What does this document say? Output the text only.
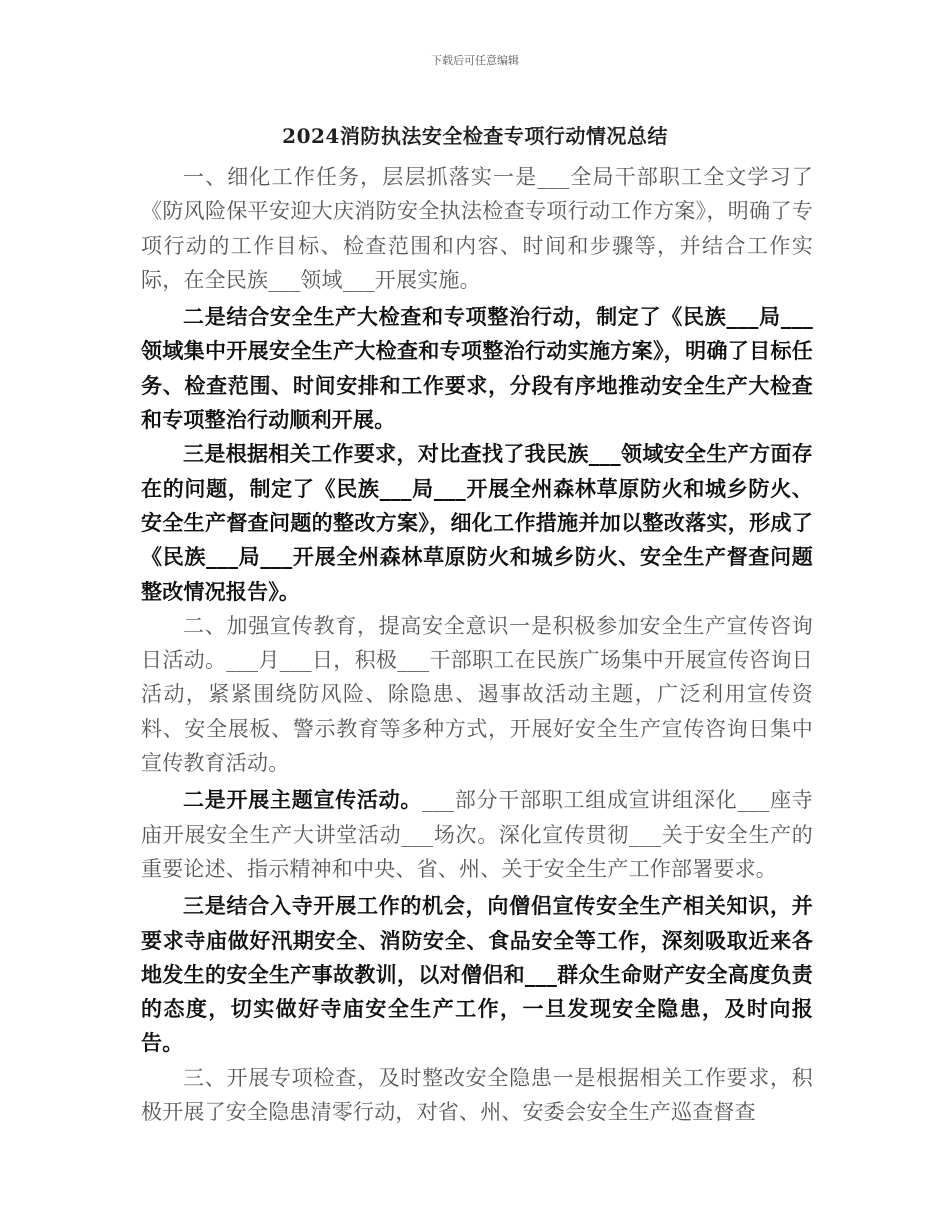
下载后可任意编辑
2024消防执法安全检查专项行动情况总结

一、细化工作任务，层层抓落实一是___全局干部职工全文学习了《防风险保平安迎大庆消防安全执法检查专项行动工作方案》，明确了专项行动的工作目标、检查范围和内容、时间和步骤等，并结合工作实际，在全民族___领域___开展实施。

二是结合安全生产大检查和专项整治行动，制定了《民族___局___领域集中开展安全生产大检查和专项整治行动实施方案》，明确了目标任务、检查范围、时间安排和工作要求，分段有序地推动安全生产大检查和专项整治行动顺利开展。

三是根据相关工作要求，对比查找了我民族___领域安全生产方面存在的问题，制定了《民族___局___开展全州森林草原防火和城乡防火、安全生产督查问题的整改方案》，细化工作措施并加以整改落实，形成了《民族___局___开展全州森林草原防火和城乡防火、安全生产督查问题整改情况报告》。

二、加强宣传教育，提高安全意识一是积极参加安全生产宣传咨询日活动。___月___日，积极___干部职工在民族广场集中开展宣传咨询日活动，紧紧围绕防风险、除隐患、遏事故活动主题，广泛利用宣传资料、安全展板、警示教育等多种方式，开展好安全生产宣传咨询日集中宣传教育活动。

二是开展主题宣传活动。___部分干部职工组成宣讲组深化___座寺庙开展安全生产大讲堂活动___场次。深化宣传贯彻___关于安全生产的重要论述、指示精神和中央、省、州、关于安全生产工作部署要求。

三是结合入寺开展工作的机会，向僧侣宣传安全生产相关知识，并要求寺庙做好汛期安全、消防安全、食品安全等工作，深刻吸取近来各地发生的安全生产事故教训，以对僧侣和___群众生命财产安全高度负责的态度，切实做好寺庙安全生产工作，一旦发现安全隐患，及时向报告。

三、开展专项检查，及时整改安全隐患一是根据相关工作要求，积极开展了安全隐患清零行动，对省、州、安委会安全生产巡查督查
